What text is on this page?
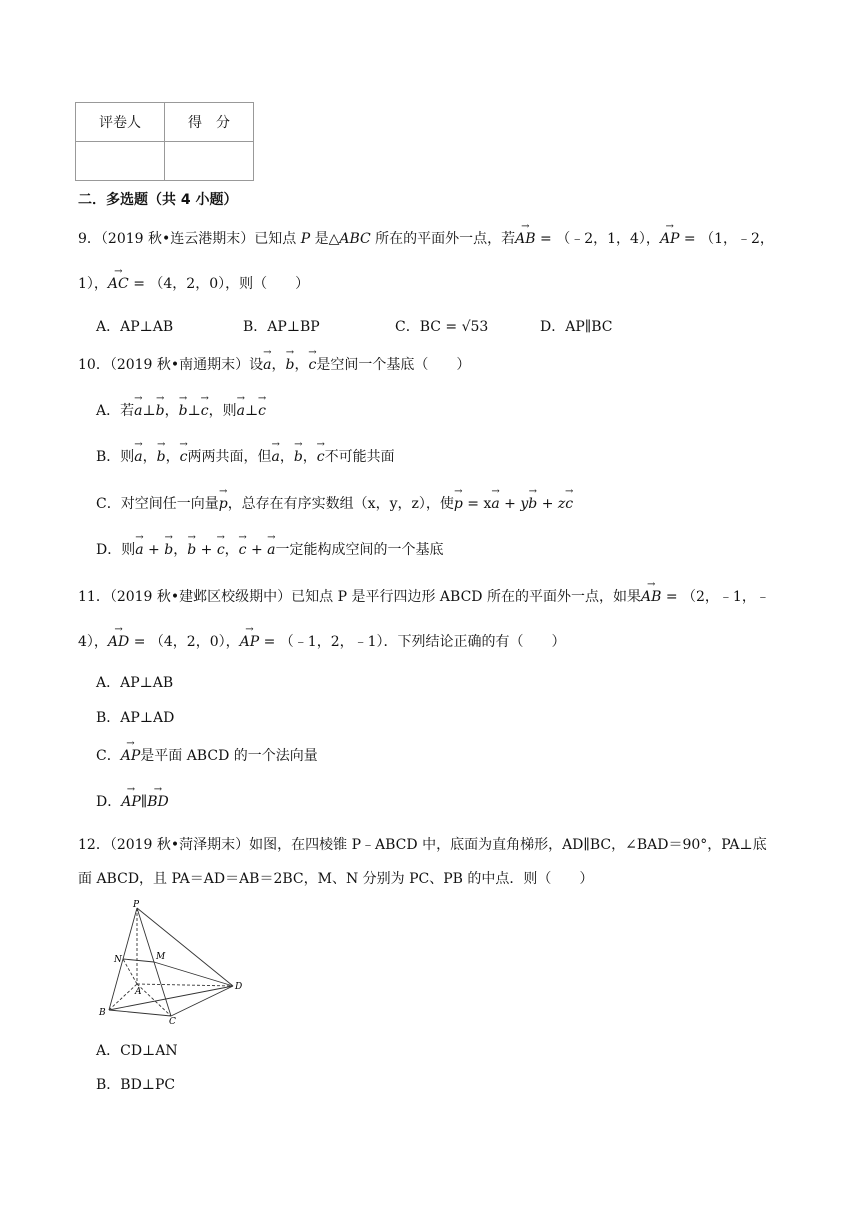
评卷人	得　分

二．多选题（共 4 小题）
9．（2019 秋•连云港期末）已知点 P 是△ABC 所在的平面外一点，若→ AB = （﹣2，1，4），→ AP = （1，﹣2，
1），→ AC = （4，2，0），则（　　）
A．AP⊥AB	B．AP⊥BP	C．BC = √53	D．AP∥BC
10．（2019 秋•南通期末）设→ a，→ b，→ c是空间一个基底（　　）
A．若→ a⊥→ b，→ b⊥→ c，则→ a⊥→ c
B．则→ a，→ b，→ c两两共面，但→ a，→ b，→ c不可能共面
C．对空间任一向量→ p，总存在有序实数组（x，y，z），使→ p = x→ a + y→ b + z→ c
D．则→ a + → b，→ b + → c，→ c + → a一定能构成空间的一个基底
11．（2019 秋•建邺区校级期中）已知点 P 是平行四边形 ABCD 所在的平面外一点，如果→ AB = （2，﹣1，﹣
4），→ AD = （4，2，0），→ AP = （﹣1，2，﹣1）．下列结论正确的有（　　）
A．AP⊥AB
B．AP⊥AD
C．→ AP是平面 ABCD 的一个法向量
D．→ AP∥→ BD
12．（2019 秋•菏泽期末）如图，在四棱锥 P﹣ABCD 中，底面为直角梯形，AD∥BC，∠BAD＝90°，PA⊥底
面 ABCD，且 PA＝AD＝AB＝2BC，M、N 分别为 PC、PB 的中点．则（　　）
P
N	M
A
B
C
D
A．CD⊥AN
B．BD⊥PC
